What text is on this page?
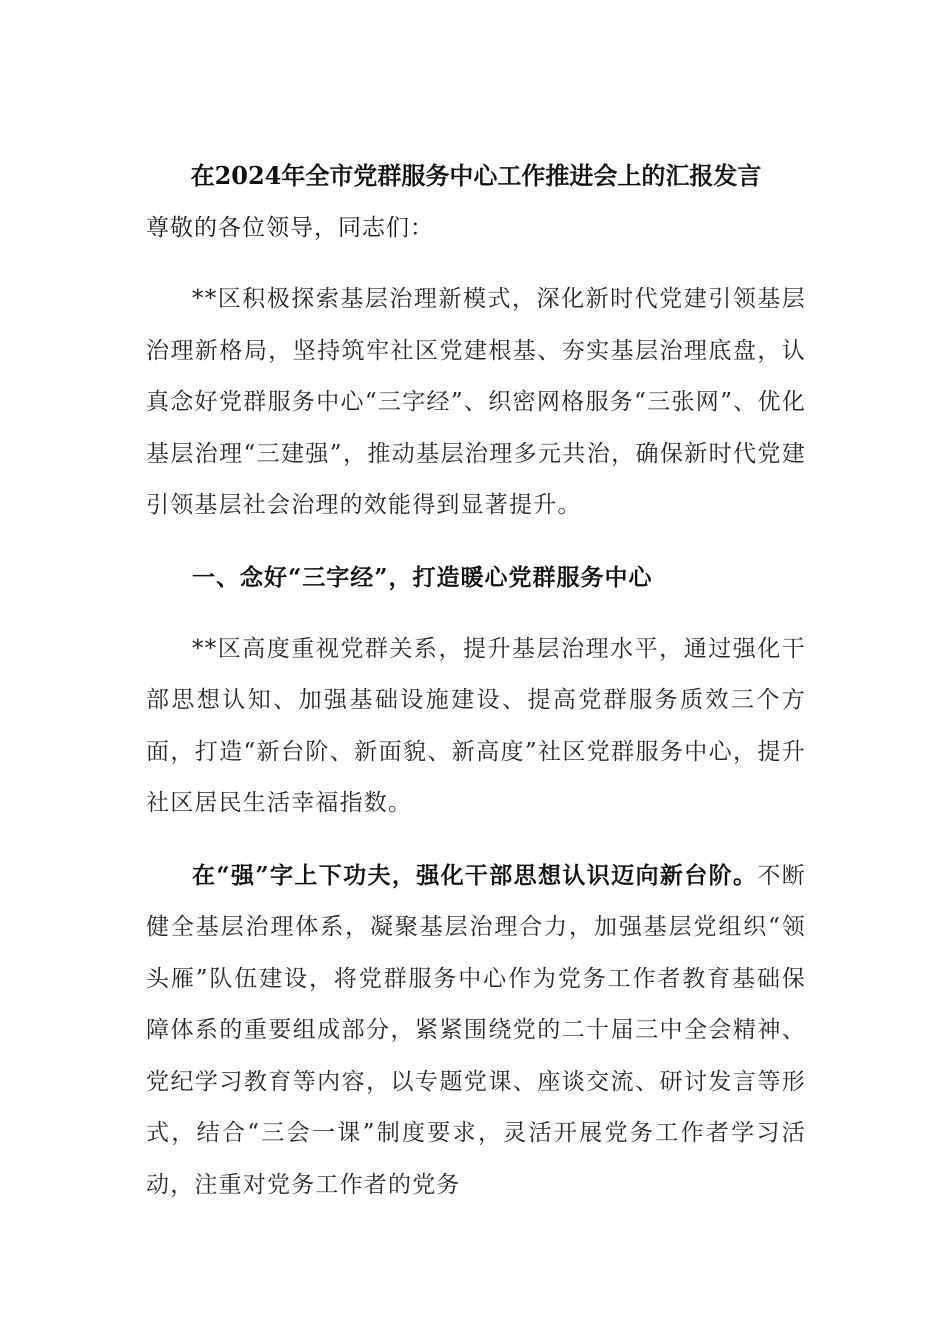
在2024年全市党群服务中心工作推进会上的汇报发言
尊敬的各位领导，同志们：

**区积极探索基层治理新模式，深化新时代党建引领基层治理新格局，坚持筑牢社区党建根基、夯实基层治理底盘，认真念好党群服务中心“三字经”、织密网格服务“三张网”、优化基层治理“三建强”，推动基层治理多元共治，确保新时代党建引领基层社会治理的效能得到显著提升。

一、念好“三字经”，打造暖心党群服务中心

**区高度重视党群关系，提升基层治理水平，通过强化干部思想认知、加强基础设施建设、提高党群服务质效三个方面，打造“新台阶、新面貌、新高度”社区党群服务中心，提升社区居民生活幸福指数。

在“强”字上下功夫，强化干部思想认识迈向新台阶。不断健全基层治理体系，凝聚基层治理合力，加强基层党组织“领头雁”队伍建设，将党群服务中心作为党务工作者教育基础保障体系的重要组成部分，紧紧围绕党的二十届三中全会精神、党纪学习教育等内容，以专题党课、座谈交流、研讨发言等形式，结合“三会一课”制度要求，灵活开展党务工作者学习活动，注重对党务工作者的党务
